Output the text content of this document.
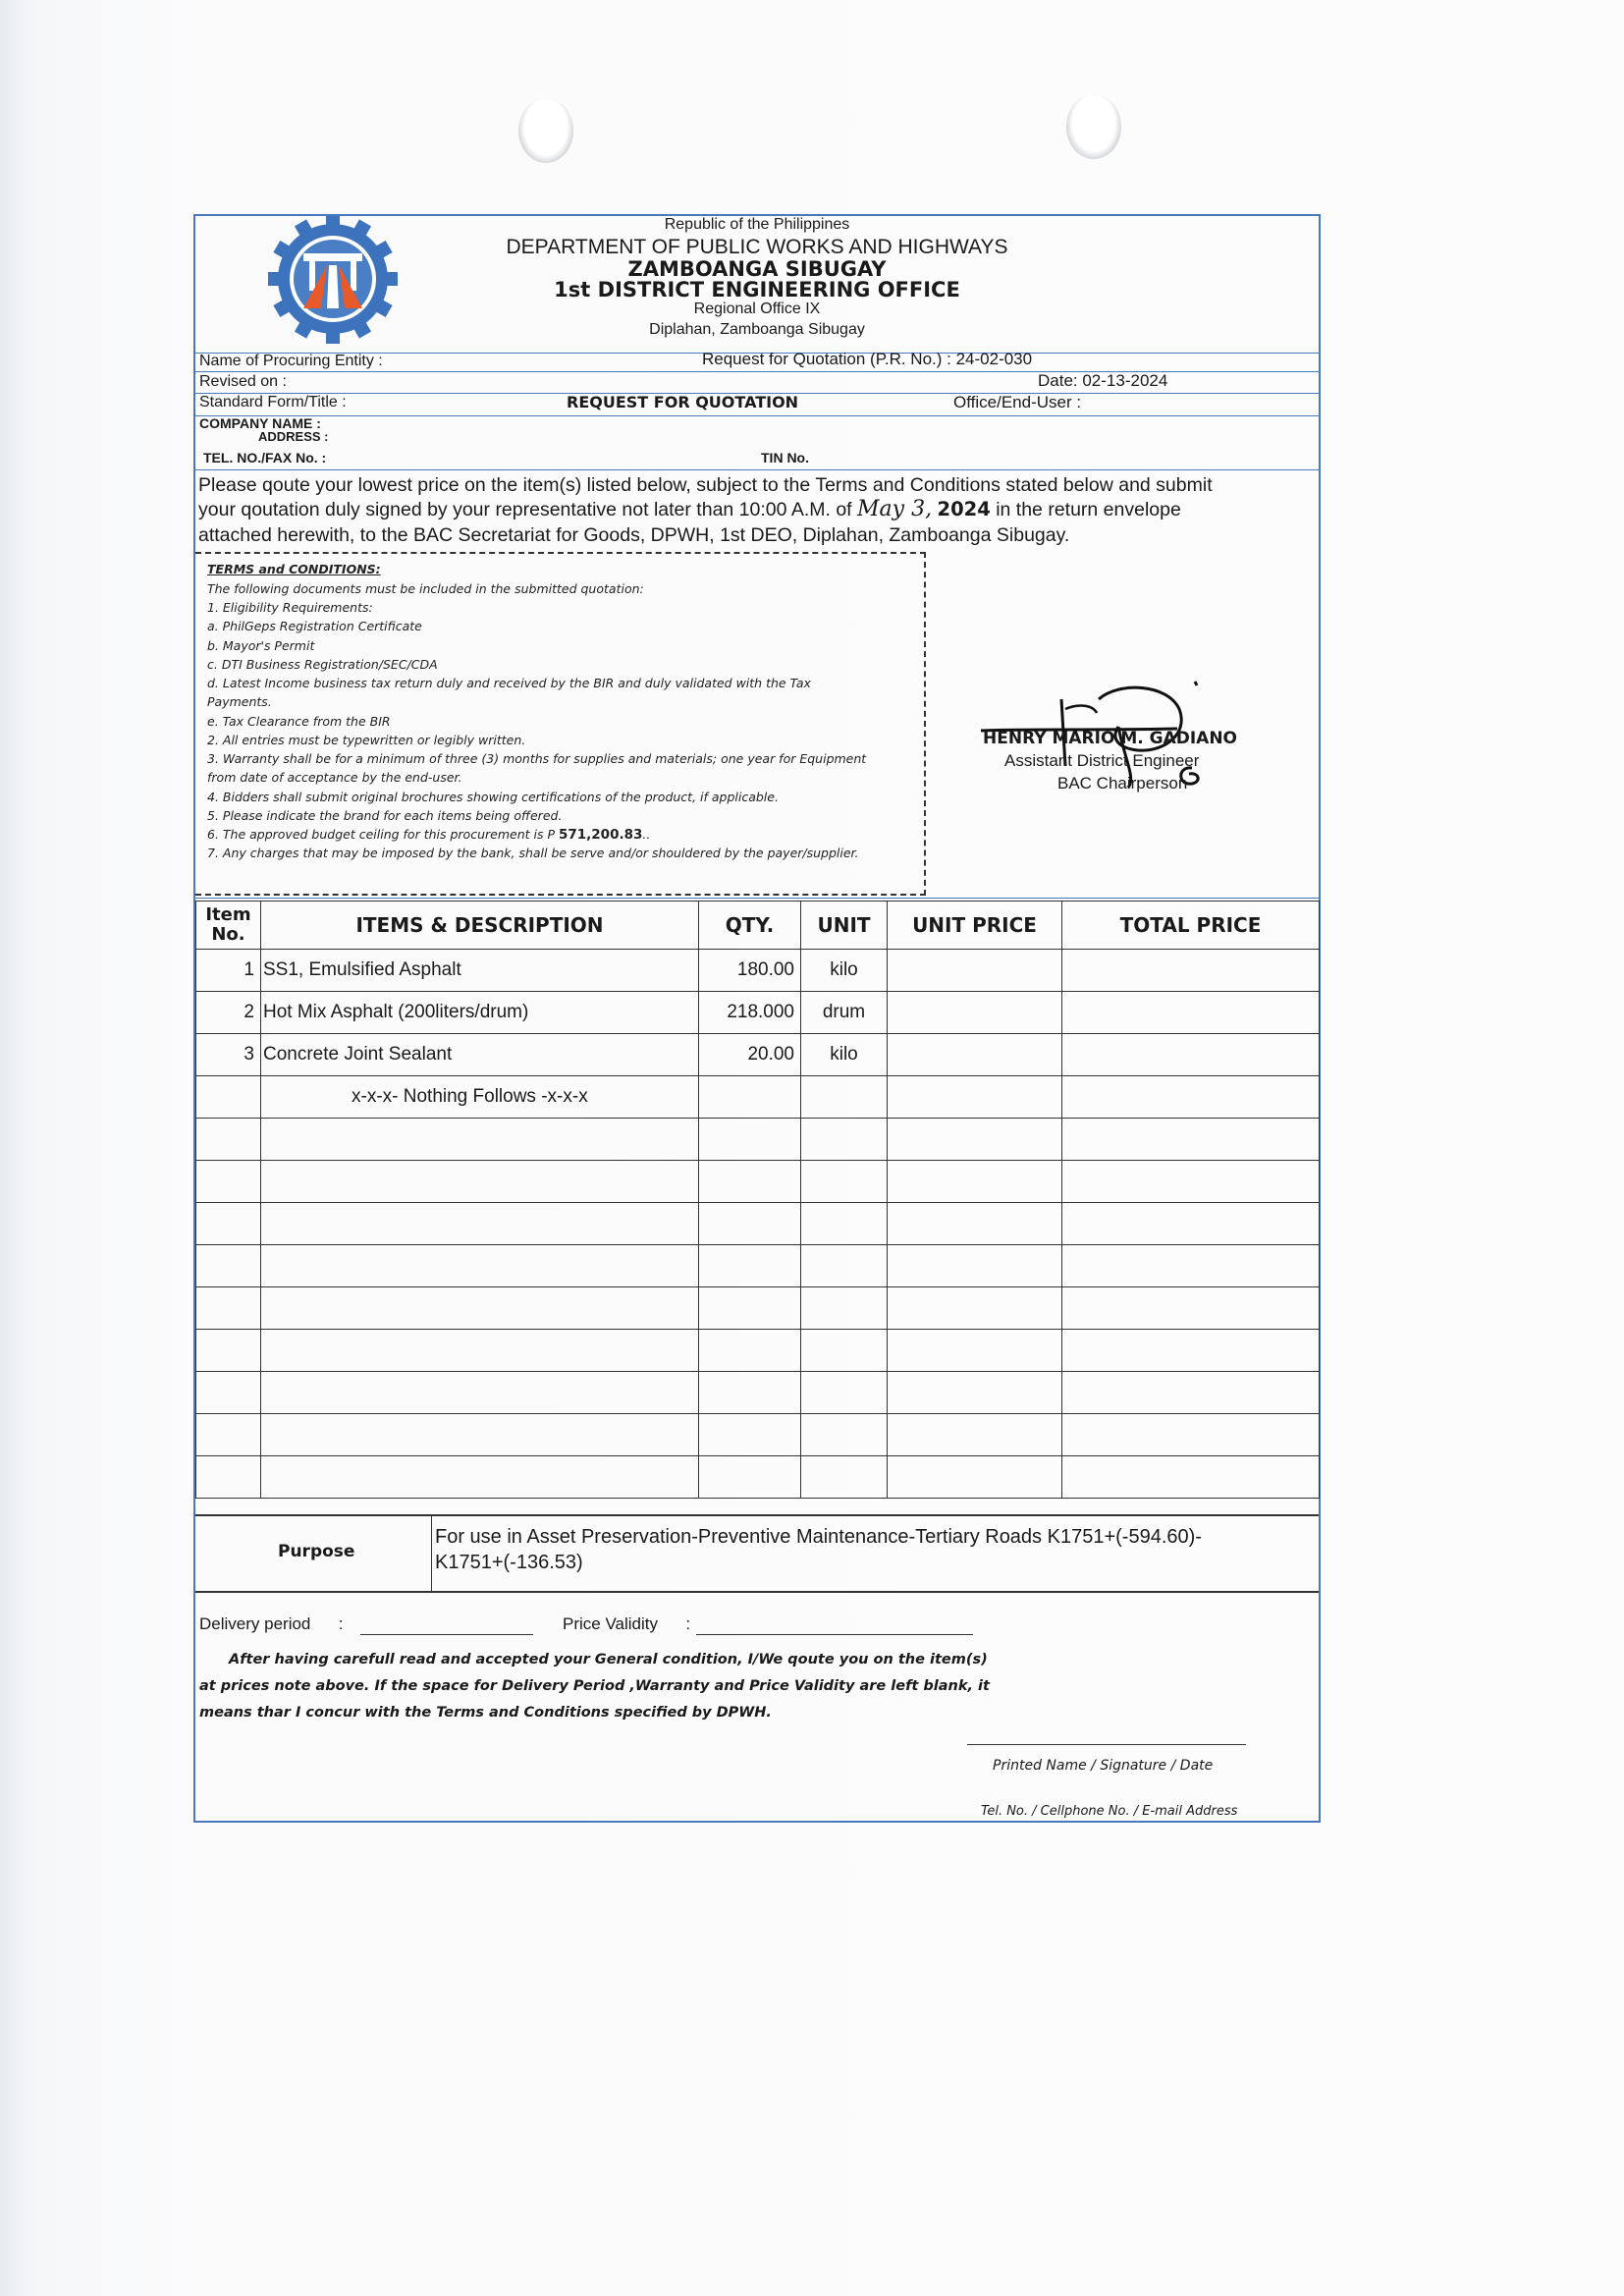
Republic of the Philippines
DEPARTMENT OF PUBLIC WORKS AND HIGHWAYS
ZAMBOANGA SIBUGAY
1st DISTRICT ENGINEERING OFFICE
Regional Office IX
Diplahan, Zamboanga Sibugay
Name of Procuring Entity :	Request for Quotation (P.R. No.) : 24-02-030
Revised on :	Date: 02-13-2024
Standard Form/Title :	REQUEST FOR QUOTATION	Office/End-User :
COMPANY NAME :
ADDRESS :
TEL. NO./FAX No. :	TIN No.
Please qoute your lowest price on the item(s) listed below, subject to the Terms and Conditions stated below and submit
your qoutation duly signed by your representative not later than 10:00 A.M. of May 3, 2024 in the return envelope
attached herewith, to the BAC Secretariat for Goods, DPWH, 1st DEO, Diplahan, Zamboanga Sibugay.
TERMS and CONDITIONS:
The following documents must be included in the submitted quotation:
1. Eligibility Requirements:
a. PhilGeps Registration Certificate
b. Mayor's Permit
c. DTI Business Registration/SEC/CDA
d. Latest Income business tax return duly and received by the BIR and duly validated with the Tax
Payments.
e. Tax Clearance from the BIR
2. All entries must be typewritten or legibly written.
3. Warranty shall be for a minimum of three (3) months for supplies and materials; one year for Equipment
from date of acceptance by the end-user.
4. Bidders shall submit original brochures showing certifications of the product, if applicable.
5. Please indicate the brand for each items being offered.
6. The approved budget ceiling for this procurement is P 571,200.83..
7. Any charges that may be imposed by the bank, shall be serve and/or shouldered by the payer/supplier.
HENRY MARIO M. GADIANO
Assistant District Engineer
BAC Chairperson
Item
No.	ITEMS & DESCRIPTION	QTY.	UNIT	UNIT PRICE	TOTAL PRICE
1	SS1, Emulsified Asphalt	180.00	kilo		
2	Hot Mix Asphalt (200liters/drum)	218.000	drum		
3	Concrete Joint Sealant	20.00	kilo		
	x-x-x- Nothing Follows -x-x-x				

Purpose
For use in Asset Preservation-Preventive Maintenance-Tertiary Roads K1751+(-594.60)-
K1751+(-136.53)
Delivery period      :	Price Validity      :
After having carefull read and accepted your General condition, I/We qoute you on the item(s)
at prices note above. If the space for Delivery Period ,Warranty and Price Validity are left blank, it
means thar I concur with the Terms and Conditions specified by DPWH.
Printed Name / Signature / Date
Tel. No. / Cellphone No. / E-mail Address
